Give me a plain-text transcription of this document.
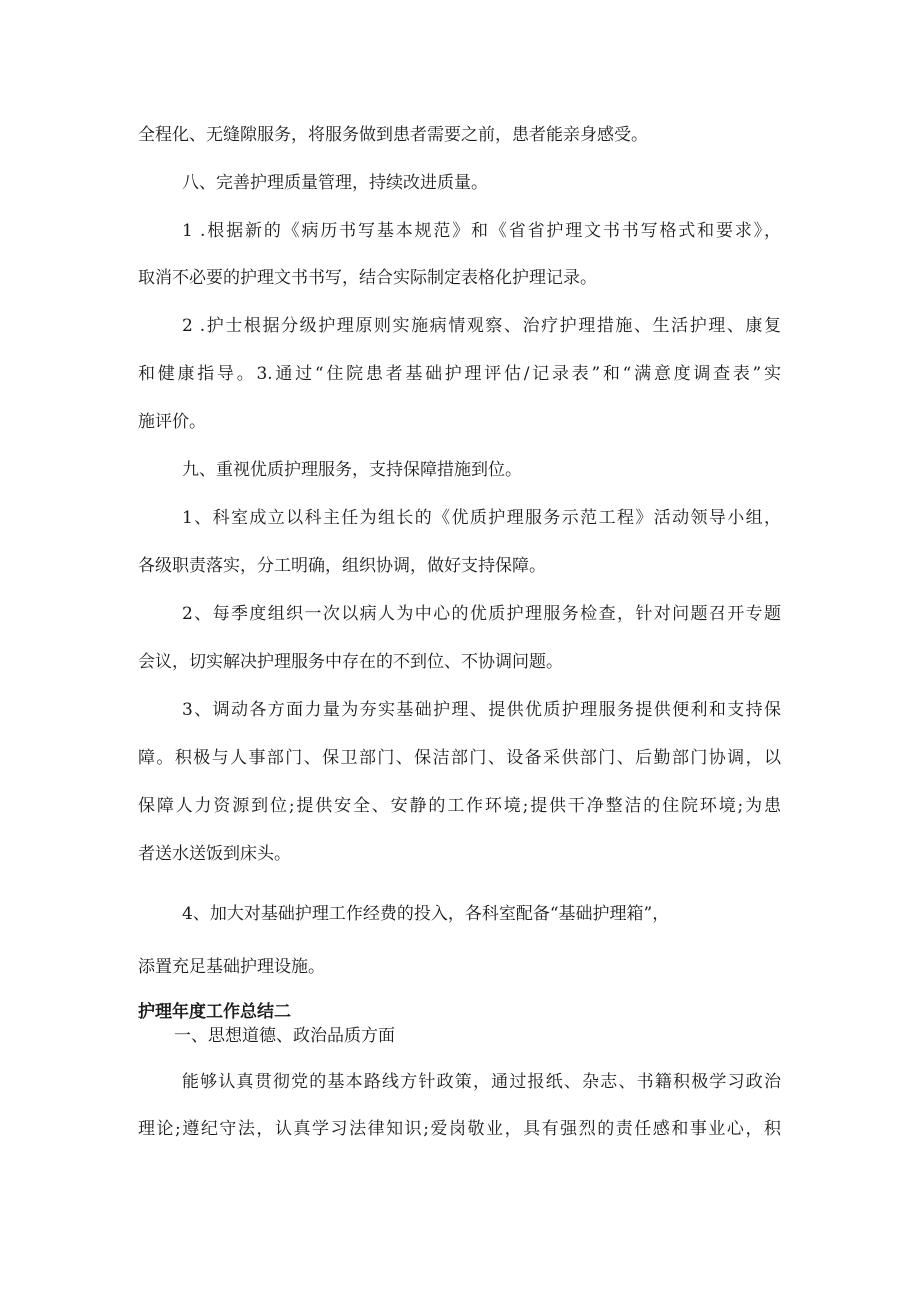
全程化、无缝隙服务，将服务做到患者需要之前，患者能亲身感受。
八、完善护理质量管理，持续改进质量。
1 .根据新的《病历书写基本规范》和《省省护理文书书写格式和要求》，
取消不必要的护理文书书写，结合实际制定表格化护理记录。
2 .护士根据分级护理原则实施病情观察、治疗护理措施、生活护理、康复
和健康指导。3.通过“住院患者基础护理评估/记录表”和“满意度调查表”实
施评价。
九、重视优质护理服务，支持保障措施到位。
1、科室成立以科主任为组长的《优质护理服务示范工程》活动领导小组，
各级职责落实，分工明确，组织协调，做好支持保障。
2、每季度组织一次以病人为中心的优质护理服务检查，针对问题召开专题
会议，切实解决护理服务中存在的不到位、不协调问题。
3、调动各方面力量为夯实基础护理、提供优质护理服务提供便利和支持保
障。积极与人事部门、保卫部门、保洁部门、设备采供部门、后勤部门协调，以
保障人力资源到位;提供安全、安静的工作环境;提供干净整洁的住院环境;为患
者送水送饭到床头。
4、加大对基础护理工作经费的投入，各科室配备“基础护理箱”，
添置充足基础护理设施。
护理年度工作总结二
一、思想道德、政治品质方面
能够认真贯彻党的基本路线方针政策，通过报纸、杂志、书籍积极学习政治
理论;遵纪守法，认真学习法律知识;爱岗敬业，具有强烈的责任感和事业心，积
